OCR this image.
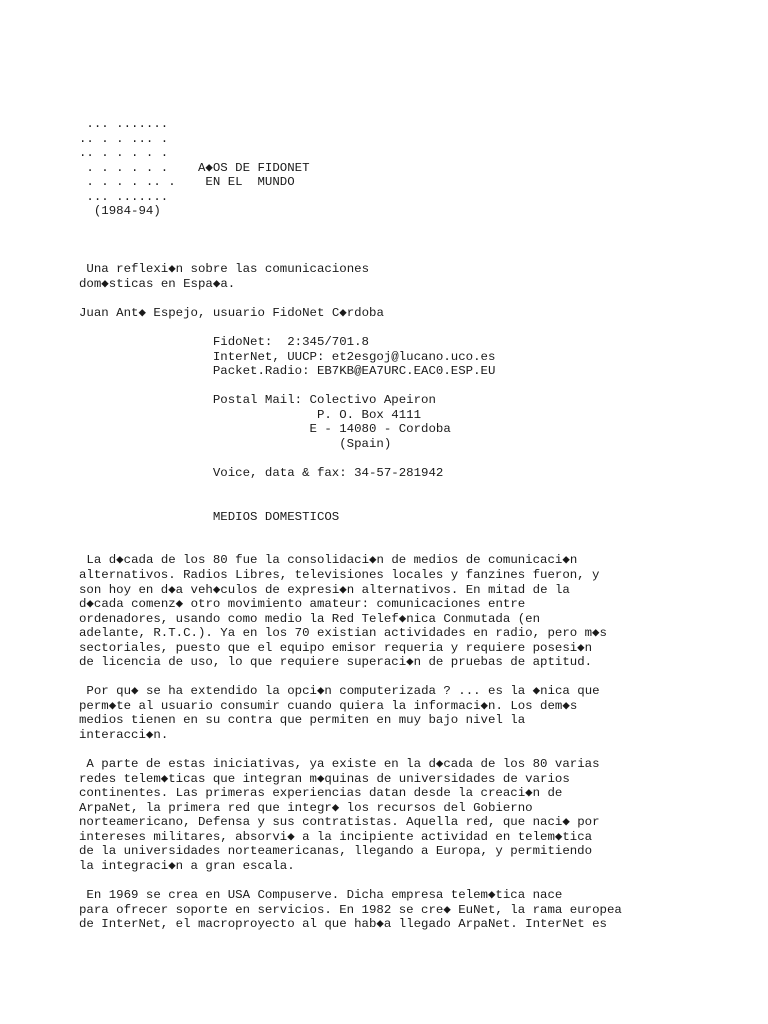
... .......
.. . . ... .
.. . . . . .
. . . . . .    A◆OS DE FIDONET
. . . . .. .    EN EL  MUNDO
... .......
(1984-94)

Una reflexi◆n sobre las comunicaciones
dom◆sticas en Espa◆a.

Juan Ant◆ Espejo, usuario FidoNet C◆rdoba

FidoNet:  2:345/701.8
InterNet, UUCP: et2esgoj@lucano.uco.es
Packet.Radio: EB7KB@EA7URC.EAC0.ESP.EU

Postal Mail: Colectivo Apeiron
P. O. Box 4111
E - 14080 - Cordoba
(Spain)

Voice, data & fax: 34-57-281942

MEDIOS DOMESTICOS

La d◆cada de los 80 fue la consolidaci◆n de medios de comunicaci◆n
alternativos. Radios Libres, televisiones locales y fanzines fueron, y
son hoy en d◆a veh◆culos de expresi◆n alternativos. En mitad de la
d◆cada comenz◆ otro movimiento amateur: comunicaciones entre
ordenadores, usando como medio la Red Telef◆nica Conmutada (en
adelante, R.T.C.). Ya en los 70 existian actividades en radio, pero m◆s
sectoriales, puesto que el equipo emisor requeria y requiere posesi◆n
de licencia de uso, lo que requiere superaci◆n de pruebas de aptitud.

Por qu◆ se ha extendido la opci◆n computerizada ? ... es la ◆nica que
perm◆te al usuario consumir cuando quiera la informaci◆n. Los dem◆s
medios tienen en su contra que permiten en muy bajo nivel la
interacci◆n.

A parte de estas iniciativas, ya existe en la d◆cada de los 80 varias
redes telem◆ticas que integran m◆quinas de universidades de varios
continentes. Las primeras experiencias datan desde la creaci◆n de
ArpaNet, la primera red que integr◆ los recursos del Gobierno
norteamericano, Defensa y sus contratistas. Aquella red, que naci◆ por
intereses militares, absorvi◆ a la incipiente actividad en telem◆tica
de la universidades norteamericanas, llegando a Europa, y permitiendo
la integraci◆n a gran escala.

En 1969 se crea en USA Compuserve. Dicha empresa telem◆tica nace
para ofrecer soporte en servicios. En 1982 se cre◆ EuNet, la rama europea
de InterNet, el macroproyecto al que hab◆a llegado ArpaNet. InterNet es
